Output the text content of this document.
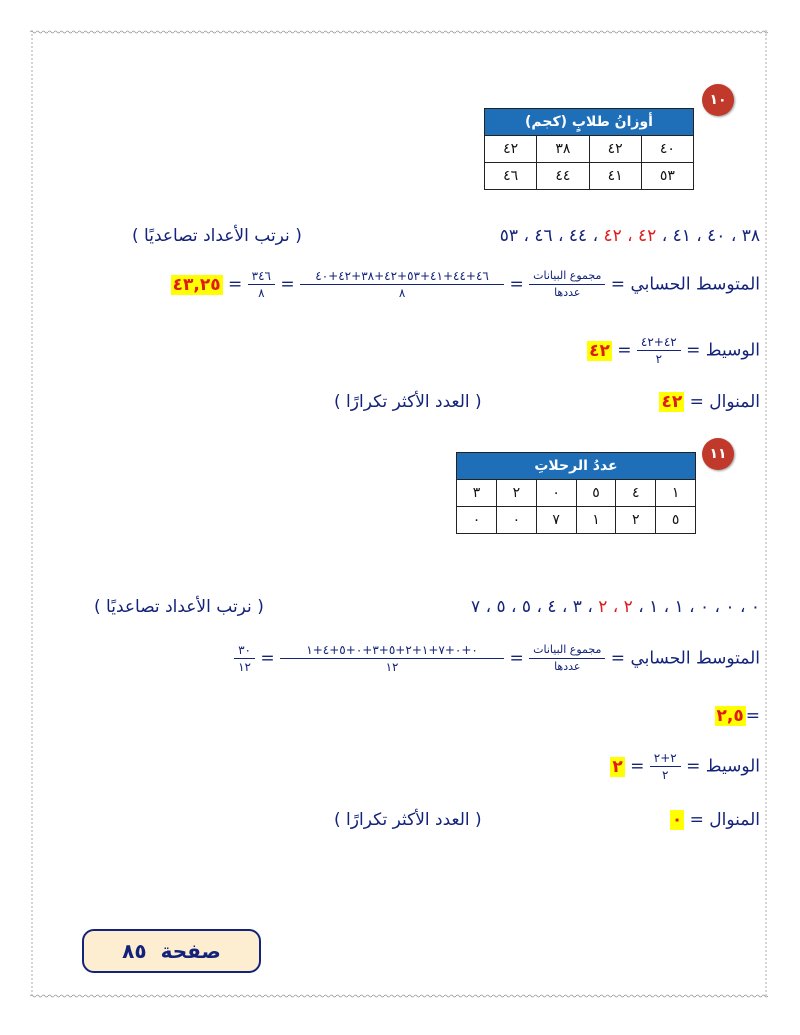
١٠
أوزانُ طلابٍ (كجم)			
٤٠	٤٢	٣٨	٤٢
٥٣	٤١	٤٤	٤٦
٣٨ ، ٤٠ ، ٤١ ، ٤٢ ، ٤٢ ، ٤٤ ، ٤٦ ، ٥٣
( نرتب الأعداد تصاعديًا )
المتوسط الحسابي =
$\frac{\text{مجموع البيانات}}{\text{عددها}}$
=
$\frac{٤٦+٤٤+٤١+٥٣+٤٢+٣٨+٤٢+٤٠}{٨}$
=
$\frac{٣٤٦}{٨}$
= ٤٣,٢٥
الوسيط =
$\frac{٤٢+٤٢}{٢}$
= ٤٢
المنوال = ٤٢
( العدد الأكثر تكرارًا )
١١
عددُ الرحلاتِ					
١	٤	٥	٠	٢	٣
٥	٢	١	٧	٠	٠
٠ ، ٠ ، ٠ ، ١ ، ١ ، ٢ ، ٢ ، ٣ ، ٤ ، ٥ ، ٥ ، ٧
( نرتب الأعداد تصاعديًا )
المتوسط الحسابي =
$\frac{\text{مجموع البيانات}}{\text{عددها}}$
=
$\frac{٠+٠+٧+١+٢+٥+٣+٠+٥+٤+١}{١٢}$
=
$\frac{٣٠}{١٢}$
=٢,٥
الوسيط =
$\frac{٢+٢}{٢}$
= ٢
المنوال = ٠
( العدد الأكثر تكرارًا )
صفحة
٨٥
